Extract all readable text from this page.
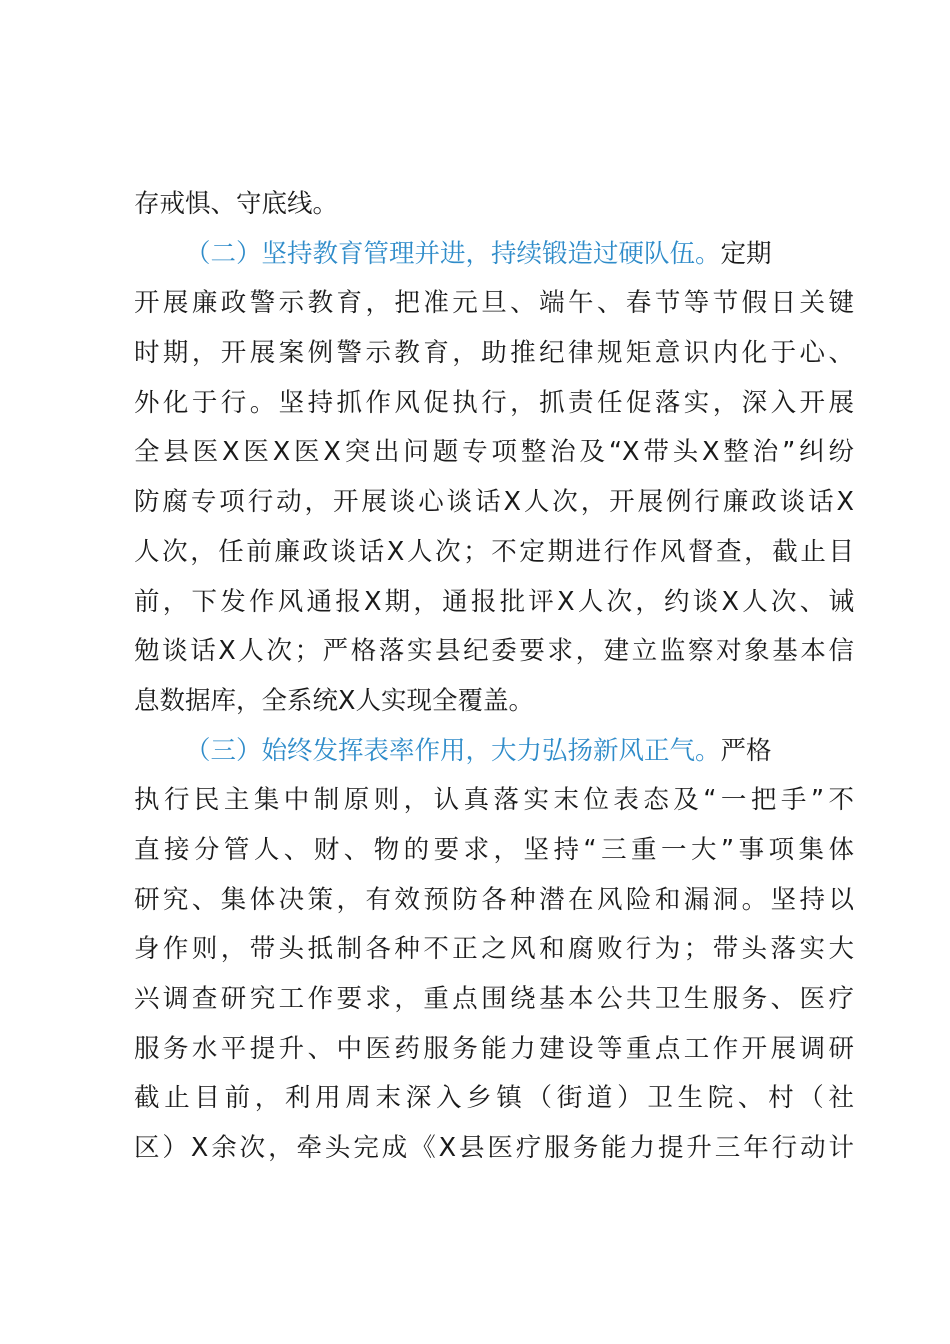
存戒惧、守底线。
（二）坚持教育管理并进，持续锻造过硬队伍。定期
开展廉政警示教育，把准元旦、端午、春节等节假日关键
时期，开展案例警示教育，助推纪律规矩意识内化于心、
外化于行。坚持抓作风促执行，抓责任促落实，深入开展
全县医X医X医X突出问题专项整治及“X带头X整治”纠纷
防腐专项行动，开展谈心谈话X人次，开展例行廉政谈话X
人次，任前廉政谈话X人次；不定期进行作风督查，截止目
前，下发作风通报X期，通报批评X人次，约谈X人次、诫
勉谈话X人次；严格落实县纪委要求，建立监察对象基本信
息数据库，全系统X人实现全覆盖。
（三）始终发挥表率作用，大力弘扬新风正气。严格
执行民主集中制原则，认真落实末位表态及“一把手”不
直接分管人、财、物的要求，坚持“三重一大”事项集体
研究、集体决策，有效预防各种潜在风险和漏洞。坚持以
身作则，带头抵制各种不正之风和腐败行为；带头落实大
兴调查研究工作要求，重点围绕基本公共卫生服务、医疗
服务水平提升、中医药服务能力建设等重点工作开展调研
截止目前，利用周末深入乡镇（街道）卫生院、村（社
区）X余次，牵头完成《X县医疗服务能力提升三年行动计
